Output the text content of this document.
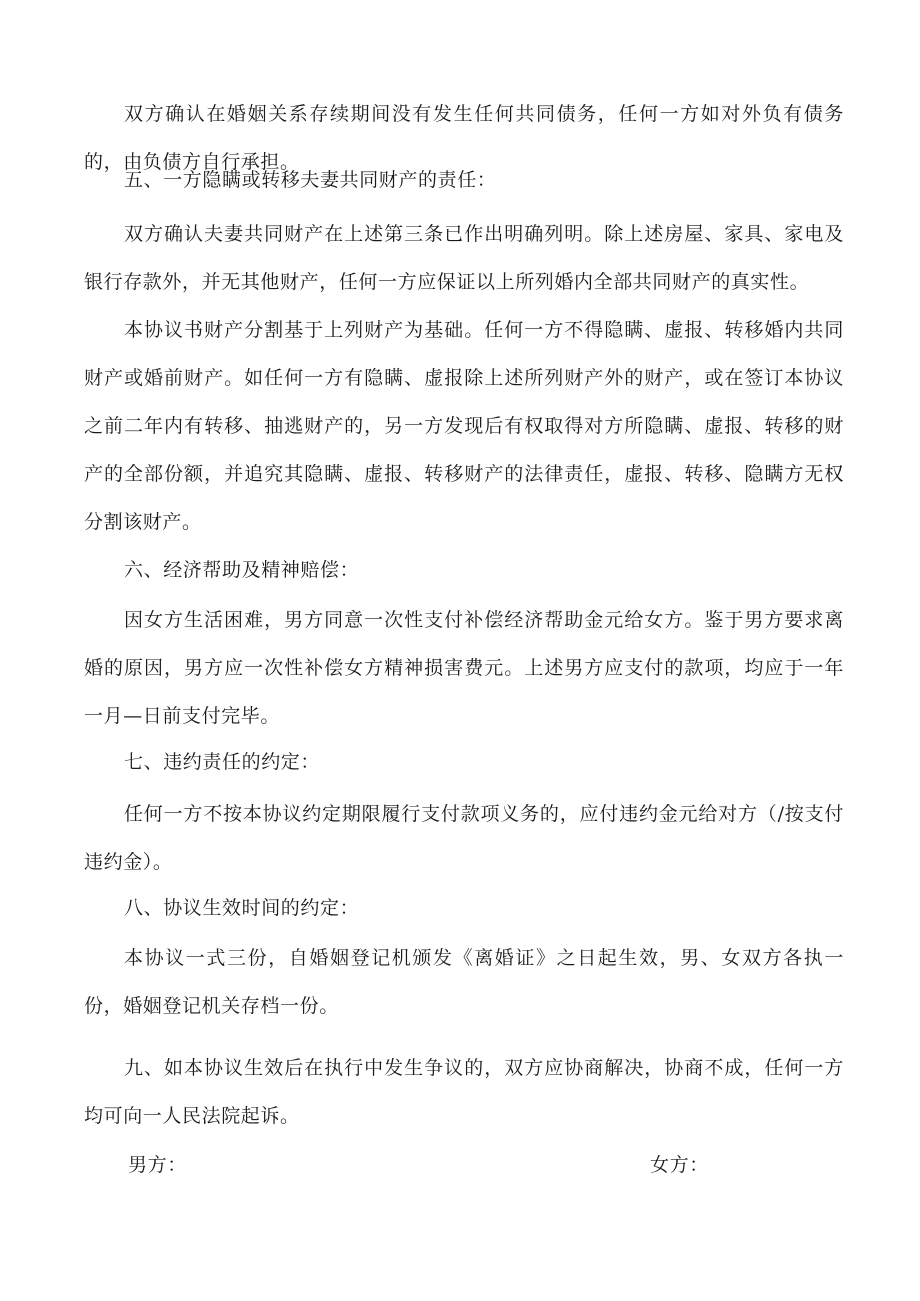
双方确认在婚姻关系存续期间没有发生任何共同债务，任何一方如对外负有债务的，由负债方自行承担。

五、一方隐瞒或转移夫妻共同财产的责任：

双方确认夫妻共同财产在上述第三条已作出明确列明。除上述房屋、家具、家电及银行存款外，并无其他财产，任何一方应保证以上所列婚内全部共同财产的真实性。

本协议书财产分割基于上列财产为基础。任何一方不得隐瞒、虚报、转移婚内共同财产或婚前财产。如任何一方有隐瞒、虚报除上述所列财产外的财产，或在签订本协议之前二年内有转移、抽逃财产的，另一方发现后有权取得对方所隐瞒、虚报、转移的财产的全部份额，并追究其隐瞒、虚报、转移财产的法律责任，虚报、转移、隐瞒方无权分割该财产。

六、经济帮助及精神赔偿：

因女方生活困难，男方同意一次性支付补偿经济帮助金元给女方。鉴于男方要求离婚的原因，男方应一次性补偿女方精神损害费元。上述男方应支付的款项，均应于一年一月—日前支付完毕。

七、违约责任的约定：

任何一方不按本协议约定期限履行支付款项义务的，应付违约金元给对方（/按支付违约金）。

八、协议生效时间的约定：

本协议一式三份，自婚姻登记机颁发《离婚证》之日起生效，男、女双方各执一份，婚姻登记机关存档一份。

九、如本协议生效后在执行中发生争议的，双方应协商解决，协商不成，任何一方均可向一人民法院起诉。

男方：	女方：
